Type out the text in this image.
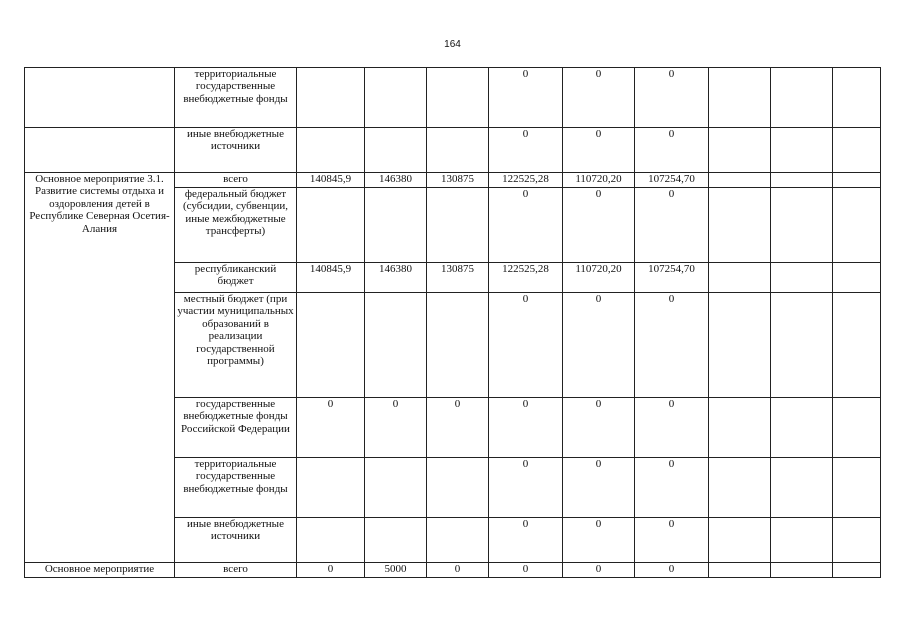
164
	территориальные государственные внебюджетные фонды				0	0	0			
	иные внебюджетные источники				0	0	0			
Основное мероприятие 3.1. Развитие системы отдыха и оздоровления детей в Республике Северная Осетия-Алания	всего	140845,9	146380	130875	122525,28	110720,20	107254,70			
	федеральный бюджет (субсидии, субвенции, иные межбюджетные трансферты)				0	0	0			
	республиканский бюджет	140845,9	146380	130875	122525,28	110720,20	107254,70			
	местный бюджет (при участии муниципальных образований в реализации государственной программы)				0	0	0			
	государственные внебюджетные фонды Российской Федерации	0	0	0	0	0	0			
	территориальные государственные внебюджетные фонды				0	0	0			
	иные внебюджетные источники				0	0	0			
Основное мероприятие	всего	0	5000	0	0	0	0			
